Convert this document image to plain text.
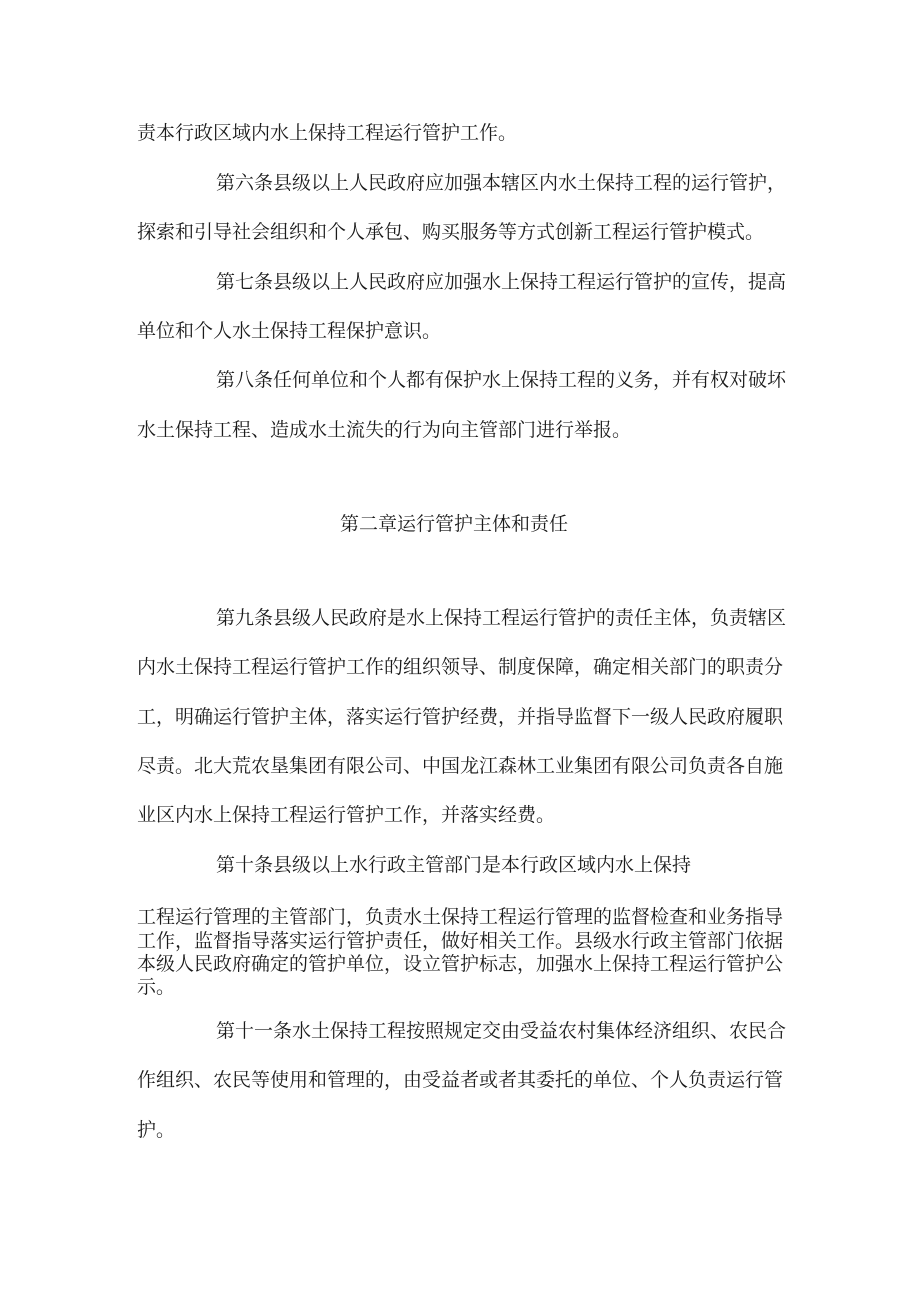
责本行政区域内水上保持工程运行管护工作。

第六条县级以上人民政府应加强本辖区内水土保持工程的运行管护，

探索和引导社会组织和个人承包、购买服务等方式创新工程运行管护模式。

第七条县级以上人民政府应加强水上保持工程运行管护的宣传，提高

单位和个人水土保持工程保护意识。

第八条任何单位和个人都有保护水上保持工程的义务，并有权对破坏

水土保持工程、造成水土流失的行为向主管部门进行举报。

第二章运行管护主体和责任

第九条县级人民政府是水上保持工程运行管护的责任主体，负责辖区

内水土保持工程运行管护工作的组织领导、制度保障，确定相关部门的职责分

工，明确运行管护主体，落实运行管护经费，并指导监督下一级人民政府履职

尽责。北大荒农垦集团有限公司、中国龙江森林工业集团有限公司负责各自施

业区内水上保持工程运行管护工作，并落实经费。

第十条县级以上水行政主管部门是本行政区域内水上保持

工程运行管理的主管部门，负责水土保持工程运行管理的监督检查和业务指导

工作，监督指导落实运行管护责任，做好相关工作。县级水行政主管部门依据

本级人民政府确定的管护单位，设立管护标志，加强水上保持工程运行管护公

示。

第十一条水土保持工程按照规定交由受益农村集体经济组织、农民合

作组织、农民等使用和管理的，由受益者或者其委托的单位、个人负责运行管

护。
